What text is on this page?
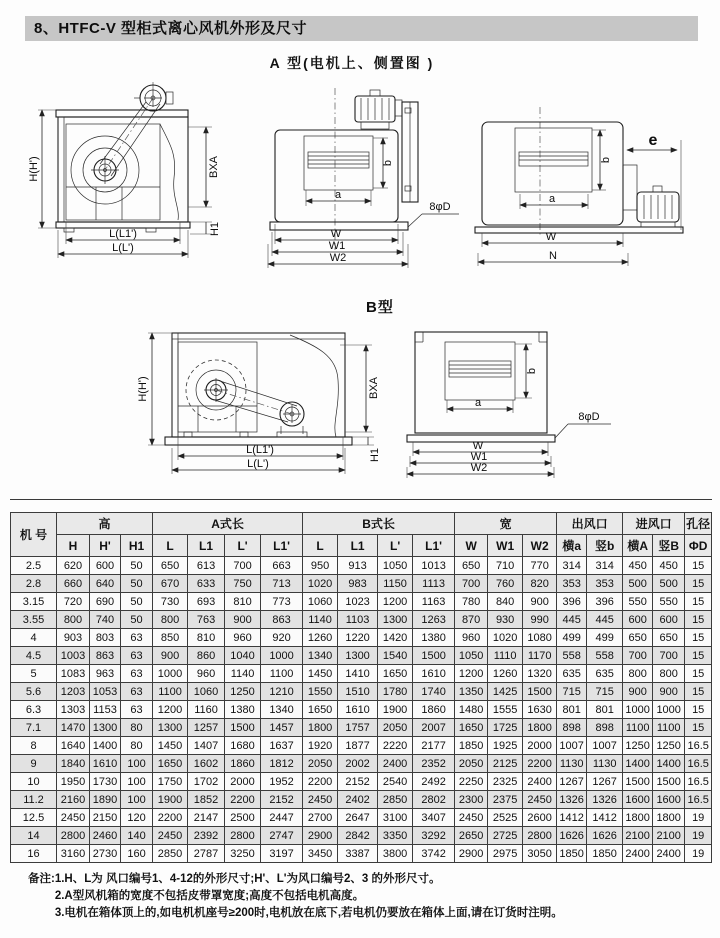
8、HTFC-V 型柜式离心风机外形及尺寸
A 型(电机上、侧置图 )
H(H')	BXA
H1
L(L1')
L(L')
b
a
8φD
W
W1
W2
e
a
b
W
N
B型
H(H')	BXA
H1
L(L1')
L(L')
b
a
8φD
W
W1
W2
机 号	高			A式长				B式长				宽			出风口		进风口		孔径
	H	H'	H1	L	L1	L'	L1'	L	L1	L'	L1'	W	W1	W2	横a	竖b	横A	竖B	ΦD
2.5	620	600	50	650	613	700	663	950	913	1050	1013	650	710	770	314	314	450	450	15
2.8	660	640	50	670	633	750	713	1020	983	1150	1113	700	760	820	353	353	500	500	15
3.15	720	690	50	730	693	810	773	1060	1023	1200	1163	780	840	900	396	396	550	550	15
3.55	800	740	50	800	763	900	863	1140	1103	1300	1263	870	930	990	445	445	600	600	15
4	903	803	63	850	810	960	920	1260	1220	1420	1380	960	1020	1080	499	499	650	650	15
4.5	1003	863	63	900	860	1040	1000	1340	1300	1540	1500	1050	1110	1170	558	558	700	700	15
5	1083	963	63	1000	960	1140	1100	1450	1410	1650	1610	1200	1260	1320	635	635	800	800	15
5.6	1203	1053	63	1100	1060	1250	1210	1550	1510	1780	1740	1350	1425	1500	715	715	900	900	15
6.3	1303	1153	63	1200	1160	1380	1340	1650	1610	1900	1860	1480	1555	1630	801	801	1000	1000	15
7.1	1470	1300	80	1300	1257	1500	1457	1800	1757	2050	2007	1650	1725	1800	898	898	1100	1100	15
8	1640	1400	80	1450	1407	1680	1637	1920	1877	2220	2177	1850	1925	2000	1007	1007	1250	1250	16.5
9	1840	1610	100	1650	1602	1860	1812	2050	2002	2400	2352	2050	2125	2200	1130	1130	1400	1400	16.5
10	1950	1730	100	1750	1702	2000	1952	2200	2152	2540	2492	2250	2325	2400	1267	1267	1500	1500	16.5
11.2	2160	1890	100	1900	1852	2200	2152	2450	2402	2850	2802	2300	2375	2450	1326	1326	1600	1600	16.5
12.5	2450	2150	120	2200	2147	2500	2447	2700	2647	3100	3407	2450	2525	2600	1412	1412	1800	1800	19
14	2800	2460	140	2450	2392	2800	2747	2900	2842	3350	3292	2650	2725	2800	1626	1626	2100	2100	19
16	3160	2730	160	2850	2787	3250	3197	3450	3387	3800	3742	2900	2975	3050	1850	1850	2400	2400	19
备注: 1.H、L为 风口编号1、4-12的外形尺寸;H'、L'为风口编号2、3 的外形尺寸。
2.A型风机箱的宽度不包括皮带罩宽度;高度不包括电机高度。
3.电机在箱体顶上的,如电机机座号≥200时,电机放在底下,若电机仍要放在箱体上面,请在订货时注明。
